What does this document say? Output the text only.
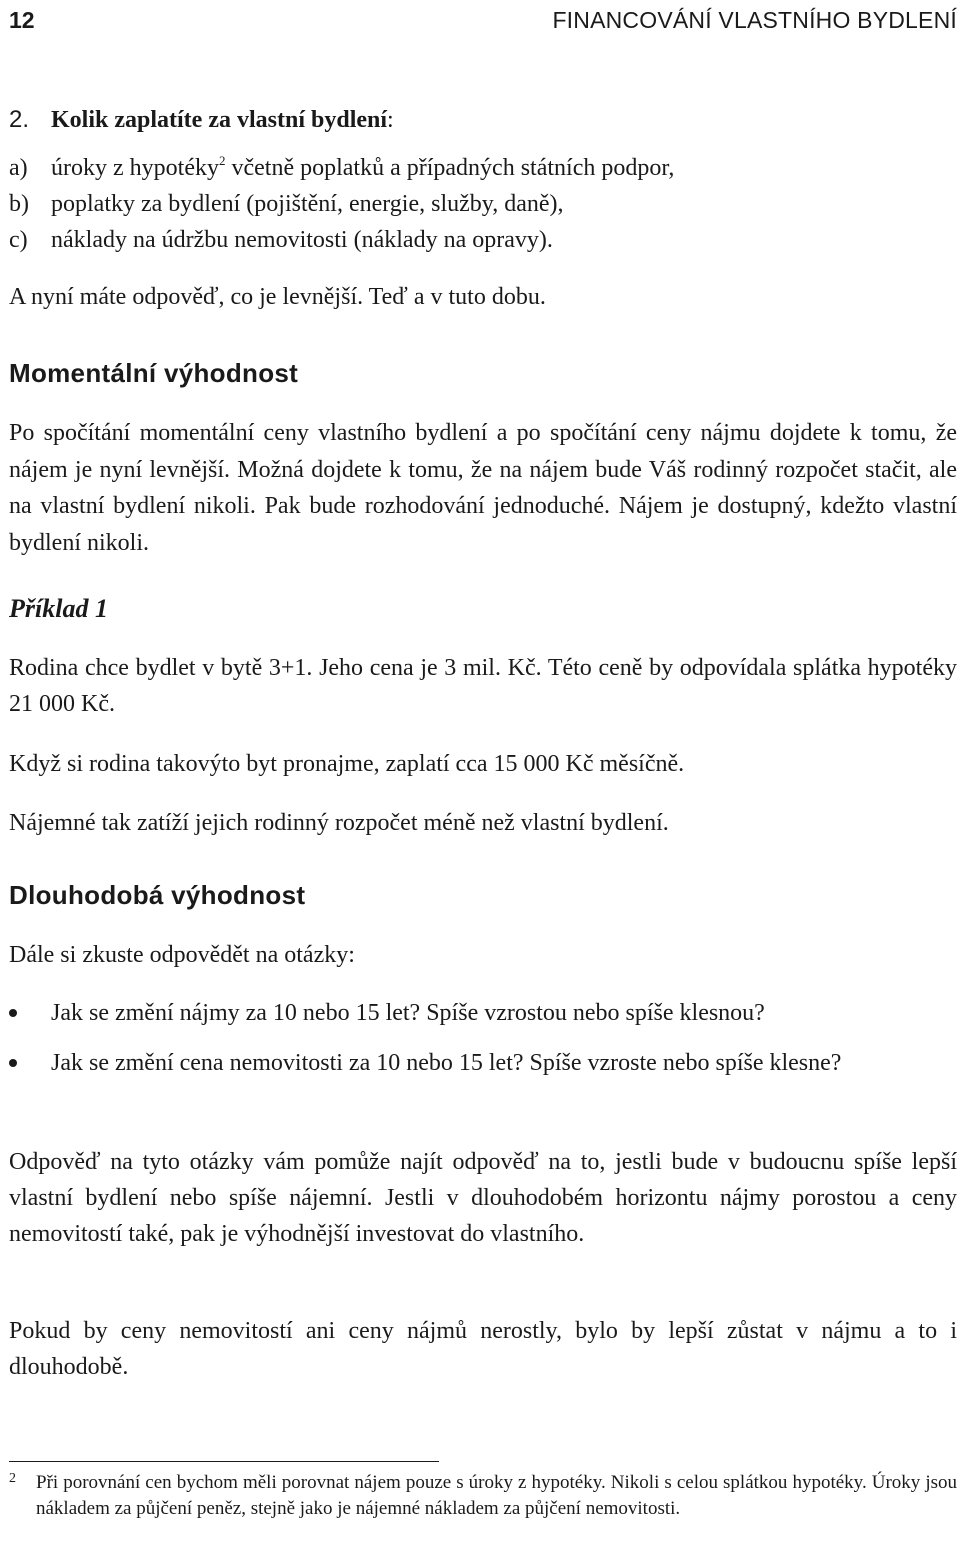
12	FINANCOVÁNÍ VLASTNÍHO BYDLENÍ

2. Kolik zaplatíte za vlastní bydlení:

a) úroky z hypotéky$^2$ včetně poplatků a případných státních podpor,
b) poplatky za bydlení (pojištění, energie, služby, daně),
c) náklady na údržbu nemovitosti (náklady na opravy).

A nyní máte odpověď, co je levnější. Teď a v tuto dobu.

Momentální výhodnost

Po spočítání momentální ceny vlastního bydlení a po spočítání ceny nájmu dojdete k tomu, že nájem je nyní levnější. Možná dojdete k tomu, že na nájem bude Váš rodinný rozpočet stačit, ale na vlastní bydlení nikoli. Pak bude rozhodování jednoduché. Nájem je dostupný, kdežto vlastní bydlení nikoli.

Příklad 1

Rodina chce bydlet v bytě 3+1. Jeho cena je 3 mil. Kč. Této ceně by odpovídala splátka hypotéky 21 000 Kč.

Když si rodina takovýto byt pronajme, zaplatí cca 15 000 Kč měsíčně.

Nájemné tak zatíží jejich rodinný rozpočet méně než vlastní bydlení.

Dlouhodobá výhodnost

Dále si zkuste odpovědět na otázky:

Jak se změní nájmy za 10 nebo 15 let? Spíše vzrostou nebo spíše klesnou?
Jak se změní cena nemovitosti za 10 nebo 15 let? Spíše vzroste nebo spíše klesne?

Odpověď na tyto otázky vám pomůže najít odpověď na to, jestli bude v budoucnu spíše lepší vlastní bydlení nebo spíše nájemní. Jestli v dlouhodobém horizontu nájmy porostou a ceny nemovitostí také, pak je výhodnější investovat do vlastního.

Pokud by ceny nemovitostí ani ceny nájmů nerostly, bylo by lepší zůstat v nájmu a to i dlouhodobě.

2 Při porovnání cen bychom měli porovnat nájem pouze s úroky z hypotéky. Nikoli s celou splátkou hypotéky. Úroky jsou nákladem za půjčení peněz, stejně jako je nájemné nákladem za půjčení nemovitosti.
